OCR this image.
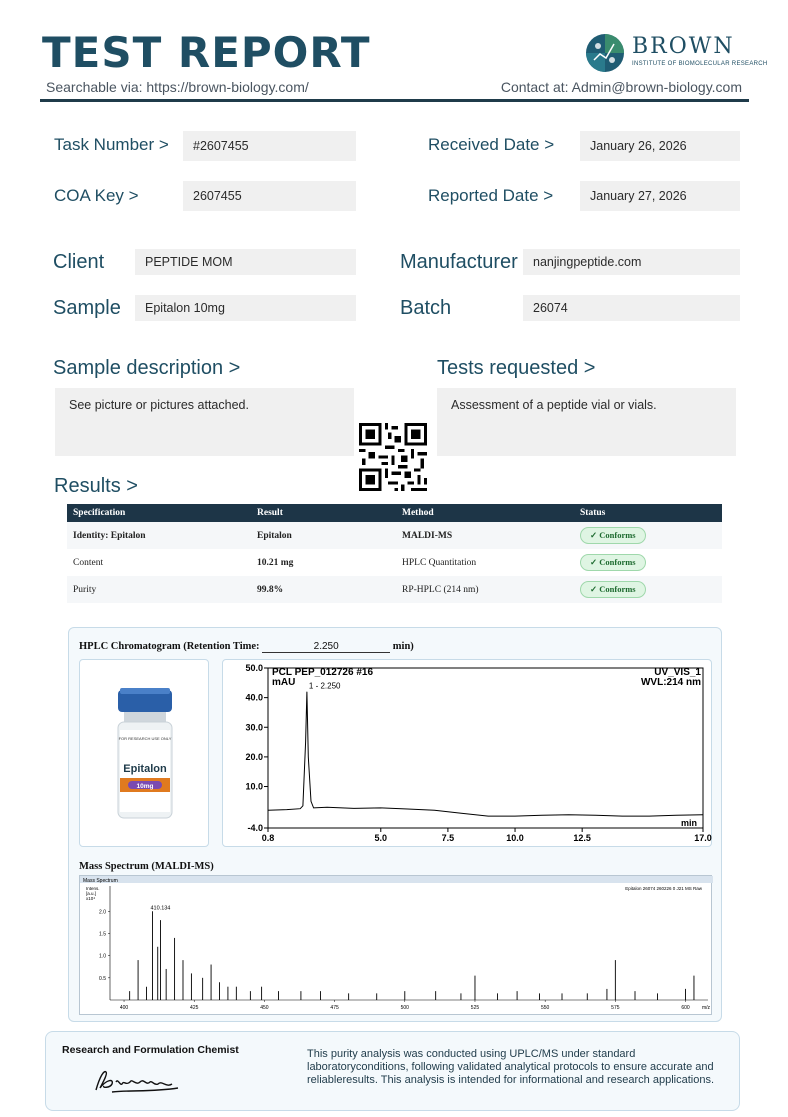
TEST REPORT	BROWN
INSTITUTE OF BIOMOLECULAR RESEARCH
Searchable via: https://brown-biology.com/	Contact at: Admin@brown-biology.com
Task Number >	#2607455	Received Date >	January 26, 2026
COA Key >	2607455	Reported Date >	January 27, 2026
Client	PEPTIDE MOM	Manufacturer	nanjingpeptide.com
Sample	Epitalon 10mg	Batch	26074
Sample description >
See picture or pictures attached.
Tests requested >
Assessment of a peptide vial or vials.
Results >
Specification	Result	Method	Status
Identity: Epitalon	Epitalon	MALDI-MS	✓ Conforms
Content	10.21 mg	HPLC Quantitation	✓ Conforms
Purity	99.8%	RP-HPLC (214 nm)	✓ Conforms
HPLC Chromatogram (Retention Time:	2.250	min)
FOR RESEARCH USE ONLY
Epitalon
10mg
PCL PEP_012726 #16	UV_VIS_1
WVL:214 nm
mAU
min
-4.0
10.0
20.0
30.0
40.0
50.0
0.8	5.0	7.5	10.0	12.5	17.0
1 - 2.250
Mass Spectrum (MALDI-MS)
Mass Spectrum
Intens.
[a.u.]
x10⁴
Epitalon 26074 260226 0 J21 MS Raw
400	425	450	475	500	525	550	575	600
0.5
1.0
1.5
2.0
410.134
m/z
Research and Formulation Chemist	This purity analysis was conducted using UPLC/MS under standard laboratoryconditions, following validated analytical protocols to ensure accurate and reliableresults. This analysis is intended for informational and research applications.
